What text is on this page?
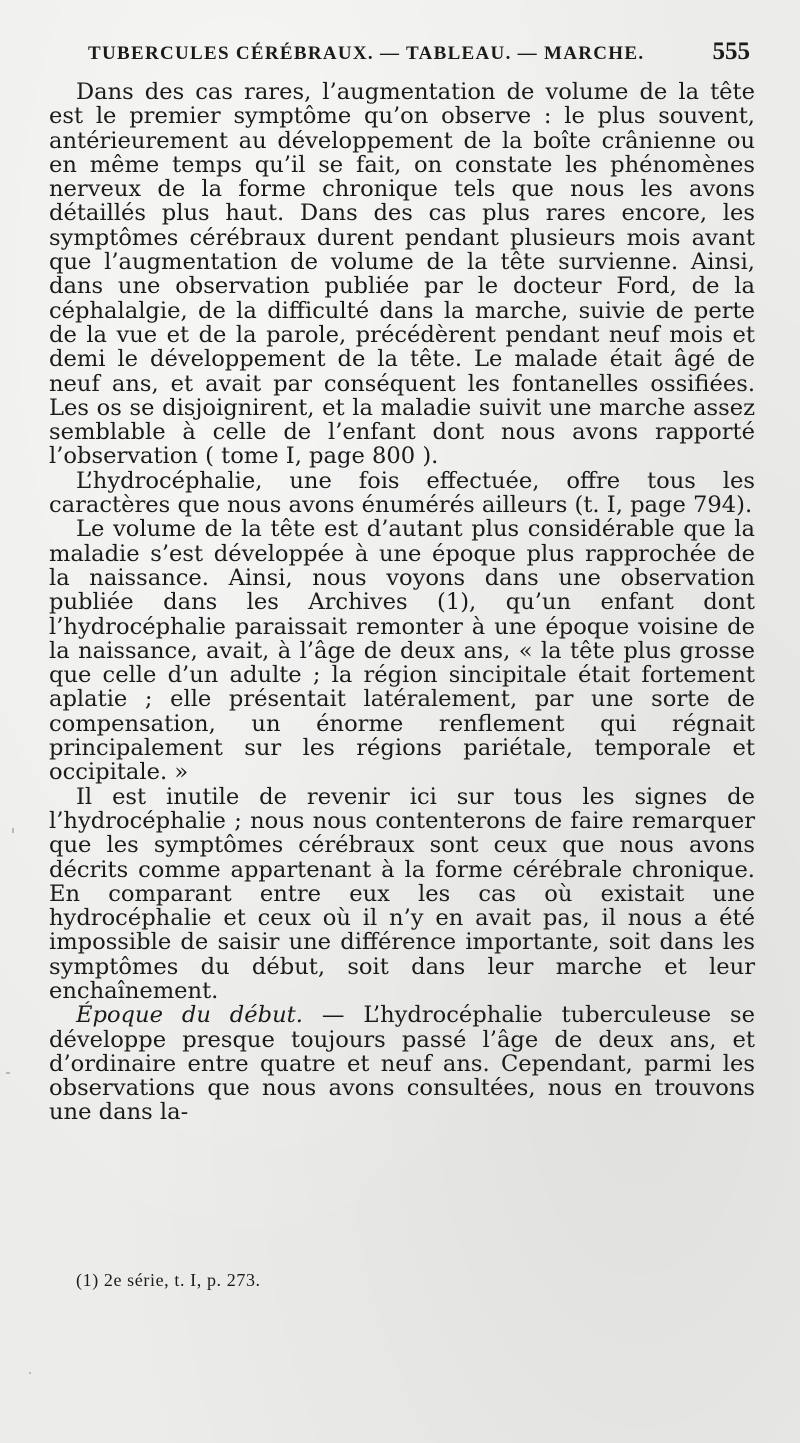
TUBERCULES CÉRÉBRAUX. — TABLEAU. — MARCHE.	555

Dans des cas rares, l’augmentation de volume de la tête est le premier symptôme qu’on observe : le plus souvent, antérieurement au développement de la boîte crânienne ou en même temps qu’il se fait, on constate les phénomènes nerveux de la forme chronique tels que nous les avons détaillés plus haut. Dans des cas plus rares encore, les symptômes cérébraux durent pendant plusieurs mois avant que l’augmentation de volume de la tête survienne. Ainsi, dans une observation publiée par le docteur Ford, de la céphalalgie, de la difficulté dans la marche, suivie de perte de la vue et de la parole, précédèrent pendant neuf mois et demi le développement de la tête. Le malade était âgé de neuf ans, et avait par conséquent les fontanelles ossifiées. Les os se disjoignirent, et la maladie suivit une marche assez semblable à celle de l’enfant dont nous avons rapporté l’observation ( tome I, page 800 ).

L’hydrocéphalie, une fois effectuée, offre tous les caractères que nous avons énumérés ailleurs (t. I, page 794).

Le volume de la tête est d’autant plus considérable que la maladie s’est développée à une époque plus rapprochée de la naissance. Ainsi, nous voyons dans une observation publiée dans les Archives (1), qu’un enfant dont l’hydrocéphalie paraissait remonter à une époque voisine de la naissance, avait, à l’âge de deux ans, « la tête plus grosse que celle d’un adulte ; la région sincipitale était fortement aplatie ; elle présentait latéralement, par une sorte de compensation, un énorme renflement qui régnait principalement sur les régions pariétale, temporale et occipitale. »

Il est inutile de revenir ici sur tous les signes de l’hydrocéphalie ; nous nous contenterons de faire remarquer que les symptômes cérébraux sont ceux que nous avons décrits comme appartenant à la forme cérébrale chronique. En comparant entre eux les cas où existait une hydrocéphalie et ceux où il n’y en avait pas, il nous a été impossible de saisir une différence importante, soit dans les symptômes du début, soit dans leur marche et leur enchaînement.

Époque du début. — L’hydrocéphalie tuberculeuse se développe presque toujours passé l’âge de deux ans, et d’ordinaire entre quatre et neuf ans. Cependant, parmi les observations que nous avons consultées, nous en trouvons une dans la-

(1) 2e série, t. I, p. 273.
